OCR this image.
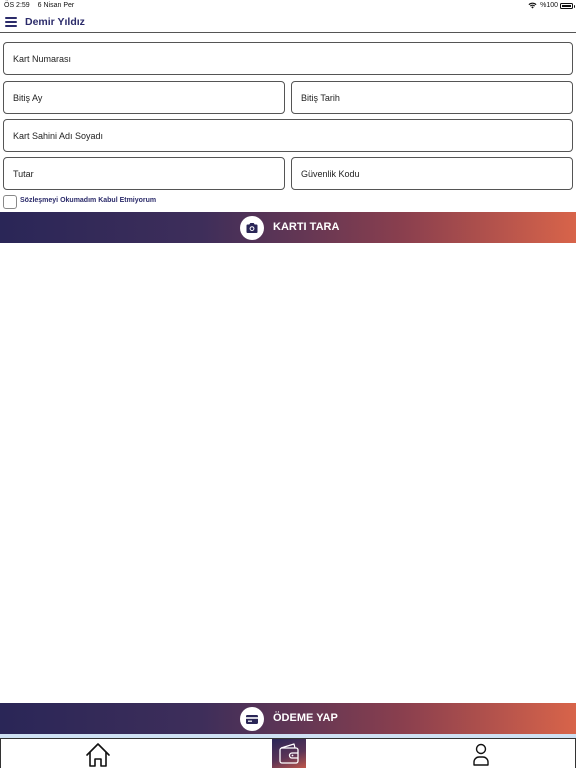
ÖS 2:59 6 Nisan Per	%100
Demir Yıldız
Kart Numarası
Bitiş Ay	Bitiş Tarih
Kart Sahini Adı Soyadı
Tutar	Güvenlik Kodu
Sözleşmeyi Okumadım Kabul Etmiyorum
KARTI TARA
ÖDEME YAP
